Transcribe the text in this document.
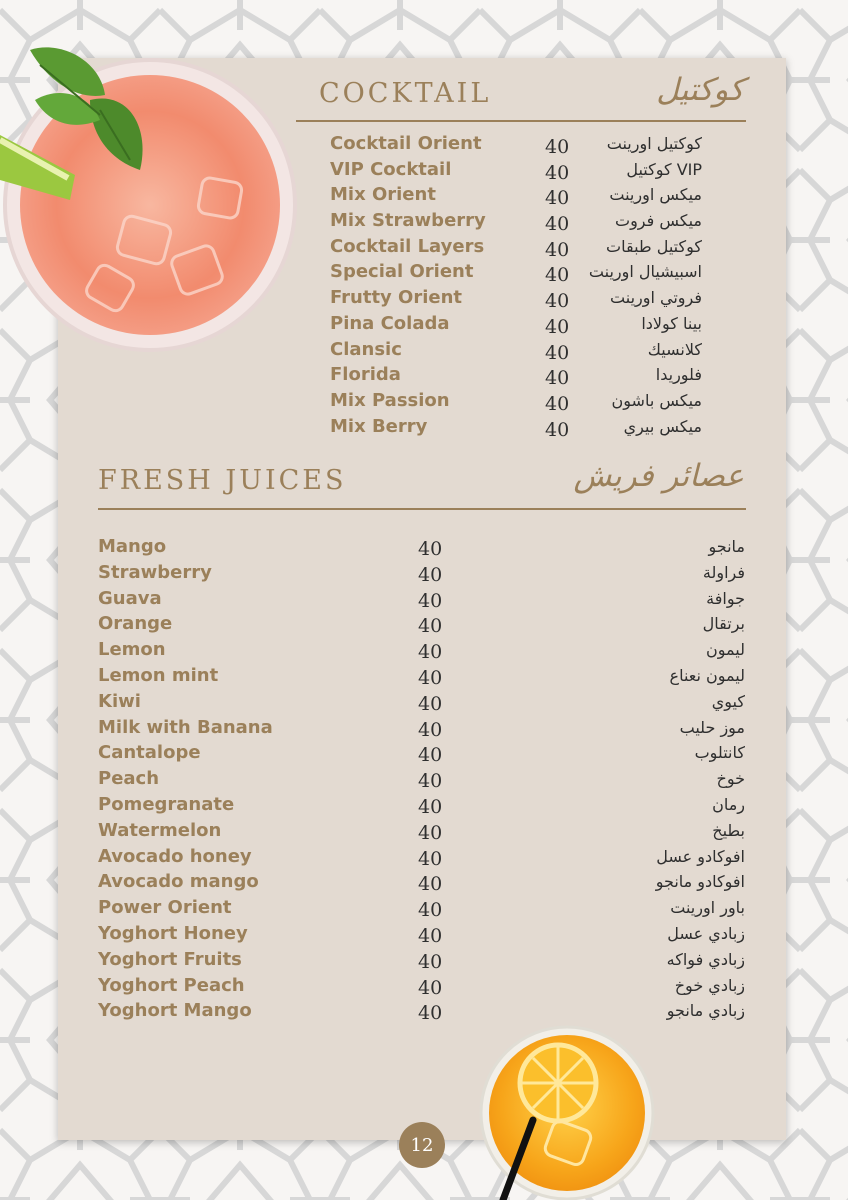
COCKTAIL	كوكتيل
Cocktail Orient	40 كوكتيل اورينت
VIP Cocktail	40	VIP كوكتيل
Mix Orient	40	ميكس اورينت
Mix Strawberry	40	ميكس فروت
Cocktail Layers	40 كوكتيل طبقات
Special Orient	40 اسبيشيال اورينت
Frutty Orient	40	فروتي اورينت
Pina Colada	40	بينا كولادا
Clansic	40	كلانسيك
Florida	40	فلوريدا
Mix Passion	40	ميكس باشون
Mix Berry	40	ميكس بيري
FRESH JUICES	عصائر فريش
Mango	40	مانجو
Strawberry	40	فراولة
Guava	40	جوافة
Orange	40	برتقال
Lemon	40	ليمون
Lemon mint	40	ليمون نعناع
Kiwi	40	كيوي
Milk with Banana	40	موز حليب
Cantalope	40	كانتلوب
Peach	40	خوخ
Pomegranate	40	رمان
Watermelon	40	بطيخ
Avocado honey	40	افوكادو عسل
Avocado mango	40	افوكادو مانجو
Power Orient	40	باور اورينت
Yoghort Honey	40	زبادي عسل
Yoghort Fruits	40	زبادي فواكه
Yoghort Peach	40	زبادي خوخ
Yoghort Mango	40	زبادي مانجو
12
